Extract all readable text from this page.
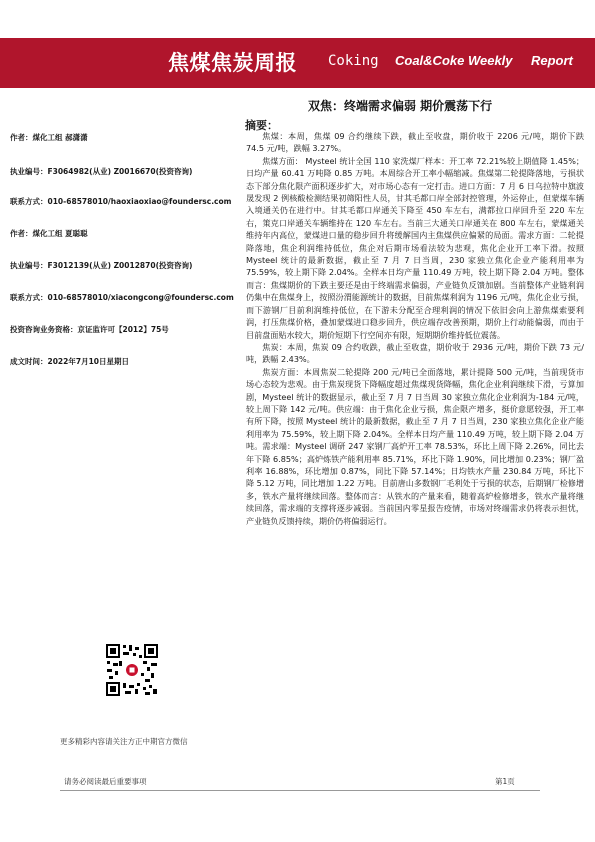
焦煤焦炭周报 Coking Coal&Coke Weekly Report
双焦：终端需求偏弱 期价震荡下行
作者：煤化工组 郝潇潇
执业编号：F3064982(从业) Z0016670(投资咨询)
联系方式：010-68578010/haoxiaoxiao@foundersc.com
作者：煤化工组 夏聪聪
执业编号：F3012139(从业) Z0012870(投资咨询)
联系方式：010-68578010/xiacongcong@foundersc.com
投资咨询业务资格：京证监许可【2012】75号
成文时间：2022年7月10日星期日
更多精彩内容请关注方正中期官方微信
摘要：

焦煤：本周，焦煤 09 合约继续下跌，截止至收盘，期价收于 2206 元/吨，期价下跌 74.5 元/吨，跌幅 3.27%。

焦煤方面： Mysteel 统计全国 110 家洗煤厂样本：开工率 72.21%较上期值降 1.45%；日均产量 60.41 万吨降 0.85 万吨。本周综合开工率小幅缩减。焦煤第二轮提降落地，亏损状态下部分焦化限产面积逐步扩大，对市场心态有一定打击。进口方面：7 月 6 日乌拉特中旗波晟发现 2 例核酸检测结果初筛阳性人员，甘其毛都口岸全部封控管理，外运停止，但蒙煤车辆入境通关仍在进行中。甘其毛都口岸通关下降至 450 车左右，满都拉口岸回升至 220 车左右，策克口岸通关车辆维持在 120 车左右。当前三大通关口岸通关在 800 车左右，蒙煤通关维持年内高位，蒙煤进口量的稳步回升将缓解国内主焦煤供应偏紧的局面。需求方面：二轮提降落地，焦企利润维持低位，焦企对后期市场看法较为悲观，焦化企业开工率下滑。按照 Mysteel 统计的最新数据，截止至 7 月 7 日当周，230 家独立焦化企业产能利用率为 75.59%，较上期下降 2.04%。全样本日均产量 110.49 万吨，较上期下降 2.04 万吨。整体而言：焦煤期价的下跌主要还是由于终端需求偏弱，产业链负反馈加剧。当前整体产业链利润仍集中在焦煤身上，按照汾渭能源统计的数据，目前焦煤利润为 1196 元/吨，焦化企业亏损，而下游钢厂目前利润维持低位，在下游未分配至合理利润的情况下依旧会向上游焦煤索要利润，打压焦煤价格，叠加蒙煤进口稳步回升，供应端存改善预期，期价上行动能偏弱，而由于目前盘面贴水较大，期价短期下行空间亦有限，短期期价维持低位震荡。

焦炭：本周，焦炭 09 合约收跌，截止至收盘，期价收于 2936 元/吨，期价下跌 73 元/吨，跌幅 2.43%。

焦炭方面：本周焦炭二轮提降 200 元/吨已全面落地，累计提降 500 元/吨，当前现货市场心态较为悲观。由于焦炭现货下降幅度超过焦煤现货降幅，焦化企业利润继续下滑，亏算加剧，Mysteel 统计的数据显示，截止至 7 月 7 日当周 30 家独立焦化企业利润为-184 元/吨，较上周下降 142 元/吨。供应端：由于焦化企业亏损，焦企限产增多，挺价意愿较强，开工率有所下降，按照 Mysteel 统计的最新数据，截止至 7 月 7 日当周，230 家独立焦化企业产能利用率为 75.59%，较上期下降 2.04%。全样本日均产量 110.49 万吨，较上期下降 2.04 万吨。需求端：Mysteel 调研 247 家钢厂高炉开工率 78.53%，环比上周下降 2.26%，同比去年下降 6.85%；高炉炼铁产能利用率 85.71%，环比下降 1.90%，同比增加 0.23%；钢厂盈利率 16.88%，环比增加 0.87%，同比下降 57.14%；日均铁水产量 230.84 万吨，环比下降 5.12 万吨，同比增加 1.22 万吨。目前唐山多数钢厂毛利处于亏损的状态，后期钢厂检修增多，铁水产量将继续回落。整体而言：从铁水的产量来看，随着高炉检修增多，铁水产量将继续回落，需求端的支撑将逐步减弱。当前国内零星报告疫情，市场对终端需求仍将表示担忧，产业链负反馈持续，期价仍将偏弱运行。

请务必阅读最后重要事项	第1页
